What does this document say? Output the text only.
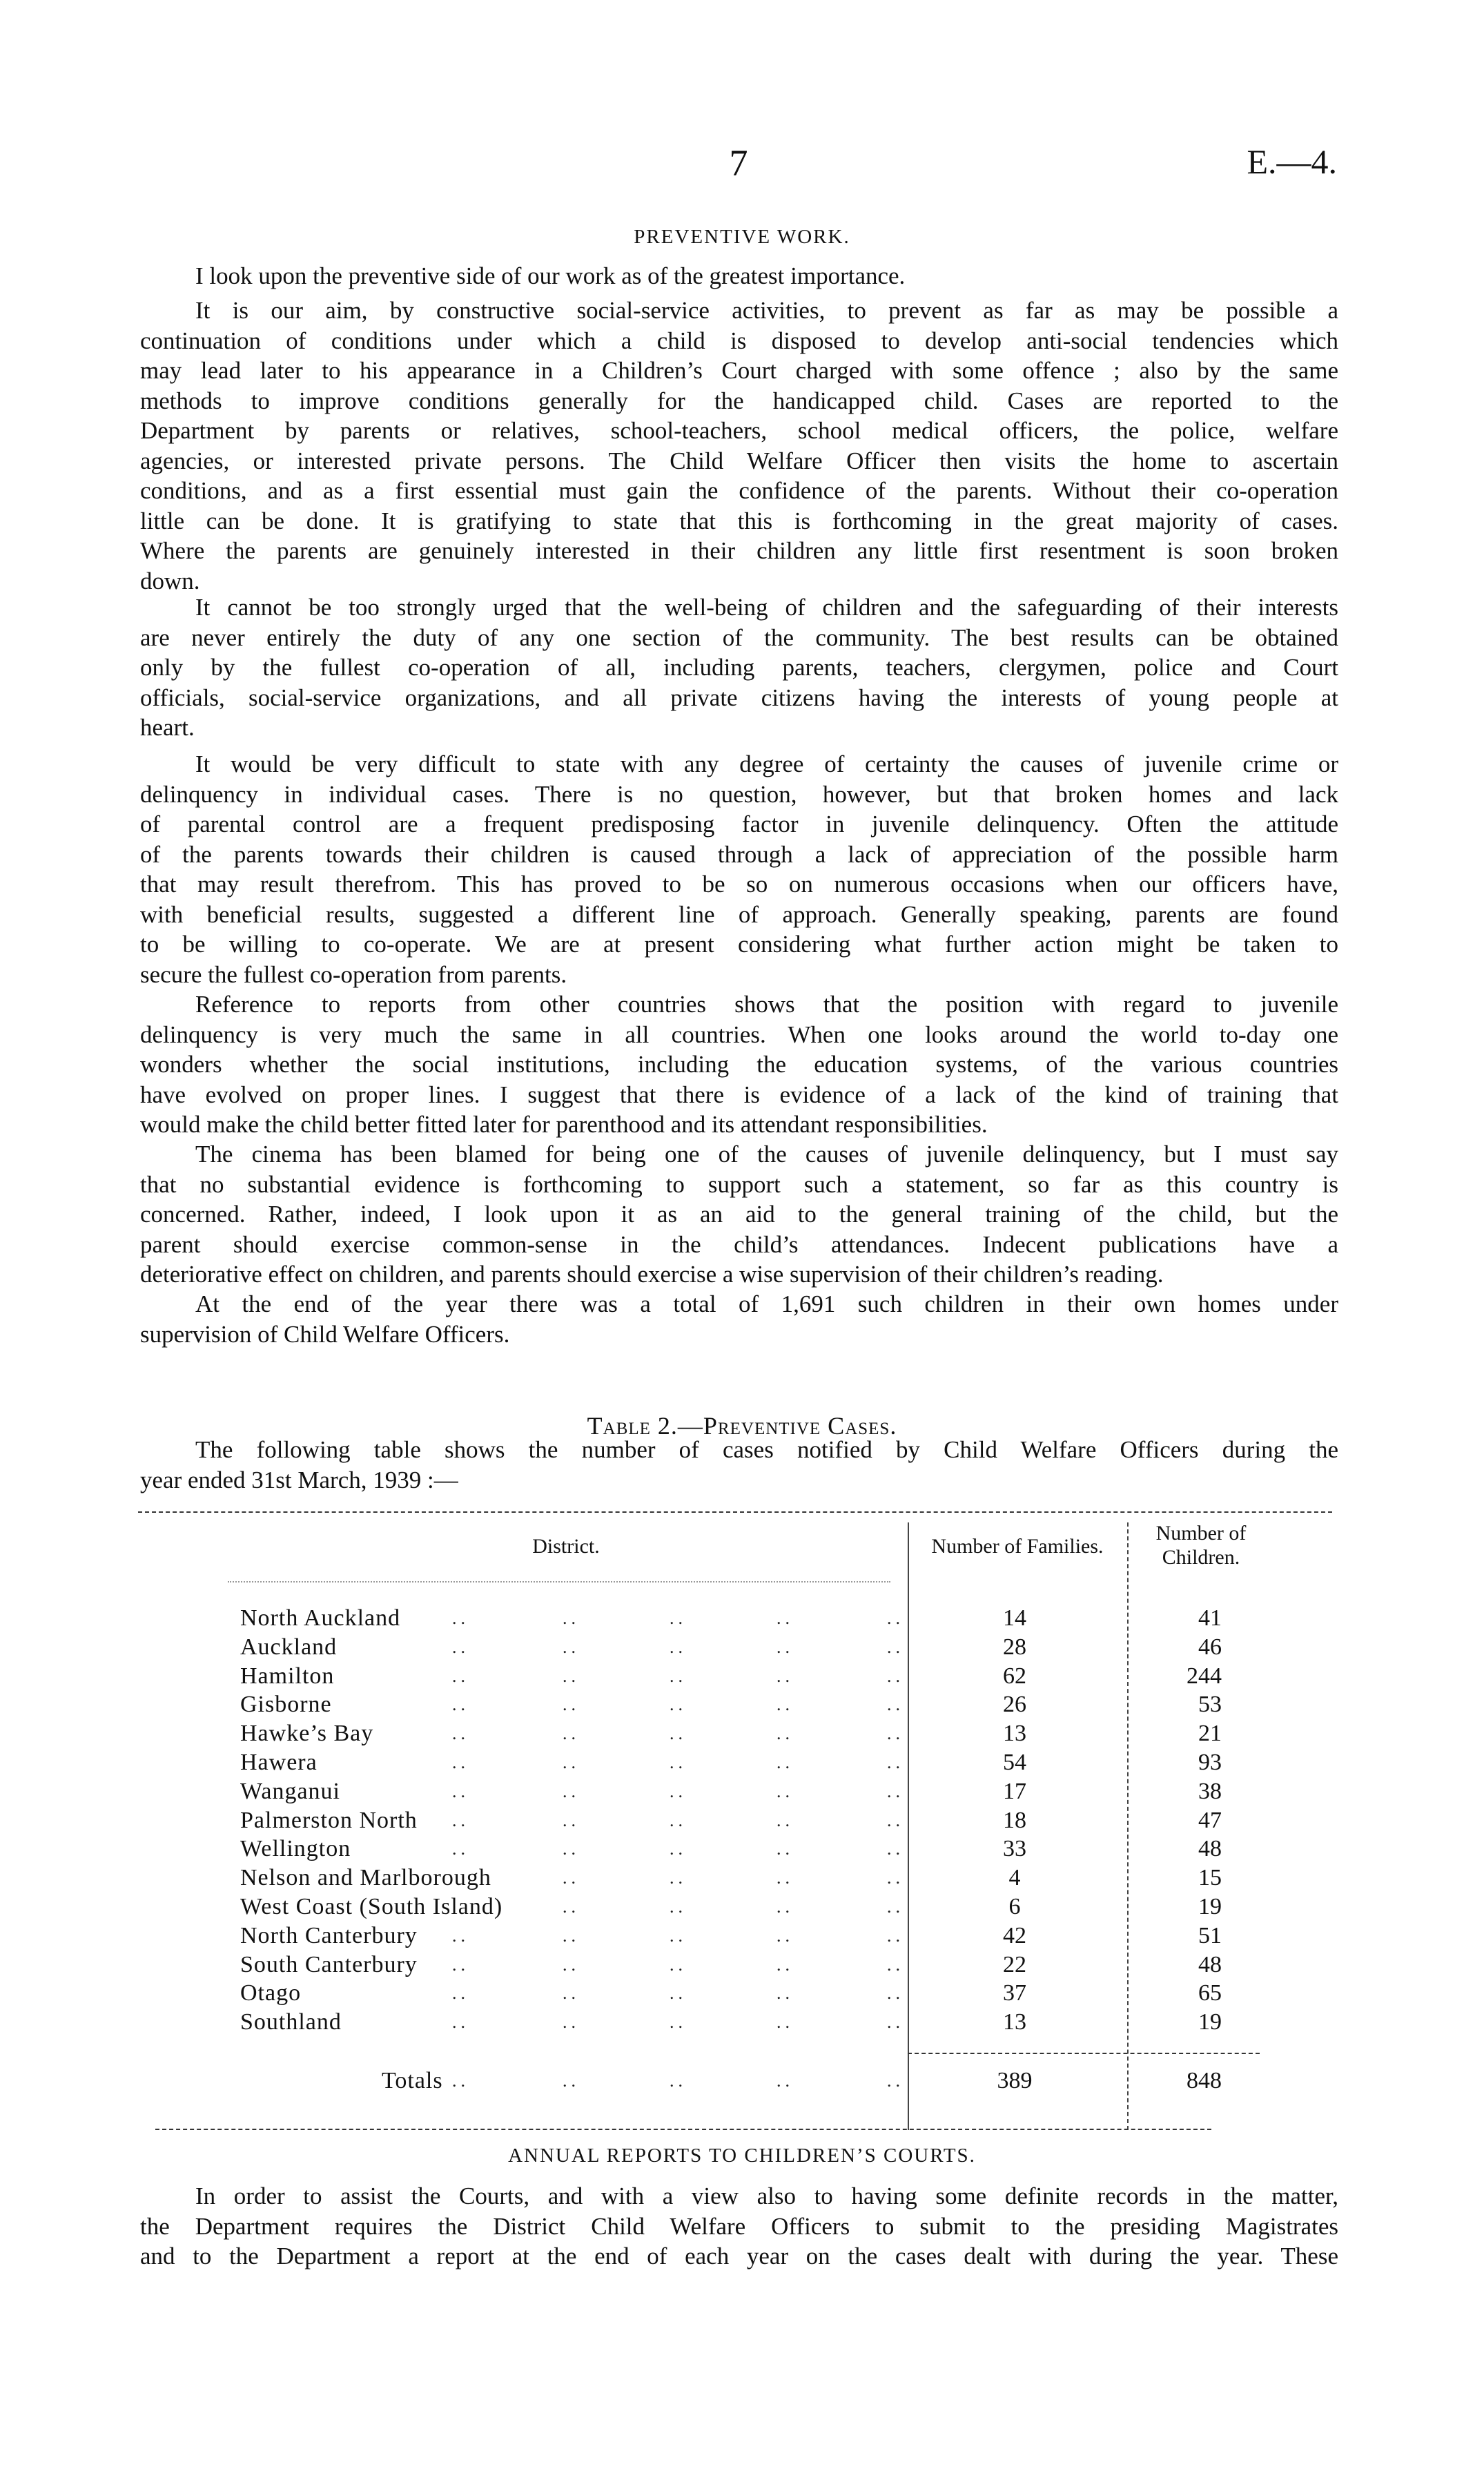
7	E.—4.
PREVENTIVE WORK.
I look upon the preventive side of our work as of the greatest importance.
It is our aim, by constructive social-service activities, to prevent as far as may be possible a
continuation of conditions under which a child is disposed to develop anti-social tendencies which
may lead later to his appearance in a Children’s Court charged with some offence ; also by the same
methods to improve conditions generally for the handicapped child. Cases are reported to the
Department by parents or relatives, school-teachers, school medical officers, the police, welfare
agencies, or interested private persons. The Child Welfare Officer then visits the home to ascertain
conditions, and as a first essential must gain the confidence of the parents. Without their co-operation
little can be done. It is gratifying to state that this is forthcoming in the great majority of cases.
Where the parents are genuinely interested in their children any little first resentment is soon broken
down.
It cannot be too strongly urged that the well-being of children and the safeguarding of their interests
are never entirely the duty of any one section of the community. The best results can be obtained
only by the fullest co-operation of all, including parents, teachers, clergymen, police and Court
officials, social-service organizations, and all private citizens having the interests of young people at
heart.
It would be very difficult to state with any degree of certainty the causes of juvenile crime or
delinquency in individual cases. There is no question, however, but that broken homes and lack
of parental control are a frequent predisposing factor in juvenile delinquency. Often the attitude
of the parents towards their children is caused through a lack of appreciation of the possible harm
that may result therefrom. This has proved to be so on numerous occasions when our officers have,
with beneficial results, suggested a different line of approach. Generally speaking, parents are found
to be willing to co-operate. We are at present considering what further action might be taken to
secure the fullest co-operation from parents.
Reference to reports from other countries shows that the position with regard to juvenile
delinquency is very much the same in all countries. When one looks around the world to-day one
wonders whether the social institutions, including the education systems, of the various countries
have evolved on proper lines. I suggest that there is evidence of a lack of the kind of training that
would make the child better fitted later for parenthood and its attendant responsibilities.
The cinema has been blamed for being one of the causes of juvenile delinquency, but I must say
that no substantial evidence is forthcoming to support such a statement, so far as this country is
concerned. Rather, indeed, I look upon it as an aid to the general training of the child, but the
parent should exercise common-sense in the child’s attendances. Indecent publications have a
deteriorative effect on children, and parents should exercise a wise supervision of their children’s reading.
At the end of the year there was a total of 1,691 such children in their own homes under
supervision of Child Welfare Officers.
Table 2.—Preventive Cases.
The following table shows the number of cases notified by Child Welfare Officers during the
year ended 31st March, 1939 :—
District.	Number of Families.
Number of
Children.
North Auckland	14	41
..	..	..	..	..
Auckland	28	46
..	..	..	..	..
Hamilton	62	244
..	..	..	..	..
Gisborne	26	53
..	..	..	..	..
Hawke’s Bay	13	21
..	..	..	..	..
Hawera	54	93
..	..	..	..	..
Wanganui	17	38
..	..	..	..	..
Palmerston North	18	47
..	..	..	..	..
Wellington	33	48
..	..	..	..	..
Nelson and Marlborough	4	15
..	..	..	..
West Coast (South Island)	6	19
..	..	..	..
North Canterbury	42	51
..	..	..	..	..
South Canterbury	22	48
..	..	..	..	..
Otago	37	65
..	..	..	..	..
Southland	13	19
..	..	..	..	..
Totals	389	848
..	..	..	..	..
ANNUAL REPORTS TO CHILDREN’S COURTS.
In order to assist the Courts, and with a view also to having some definite records in the matter,
the Department requires the District Child Welfare Officers to submit to the presiding Magistrates
and to the Department a report at the end of each year on the cases dealt with during the year. These
